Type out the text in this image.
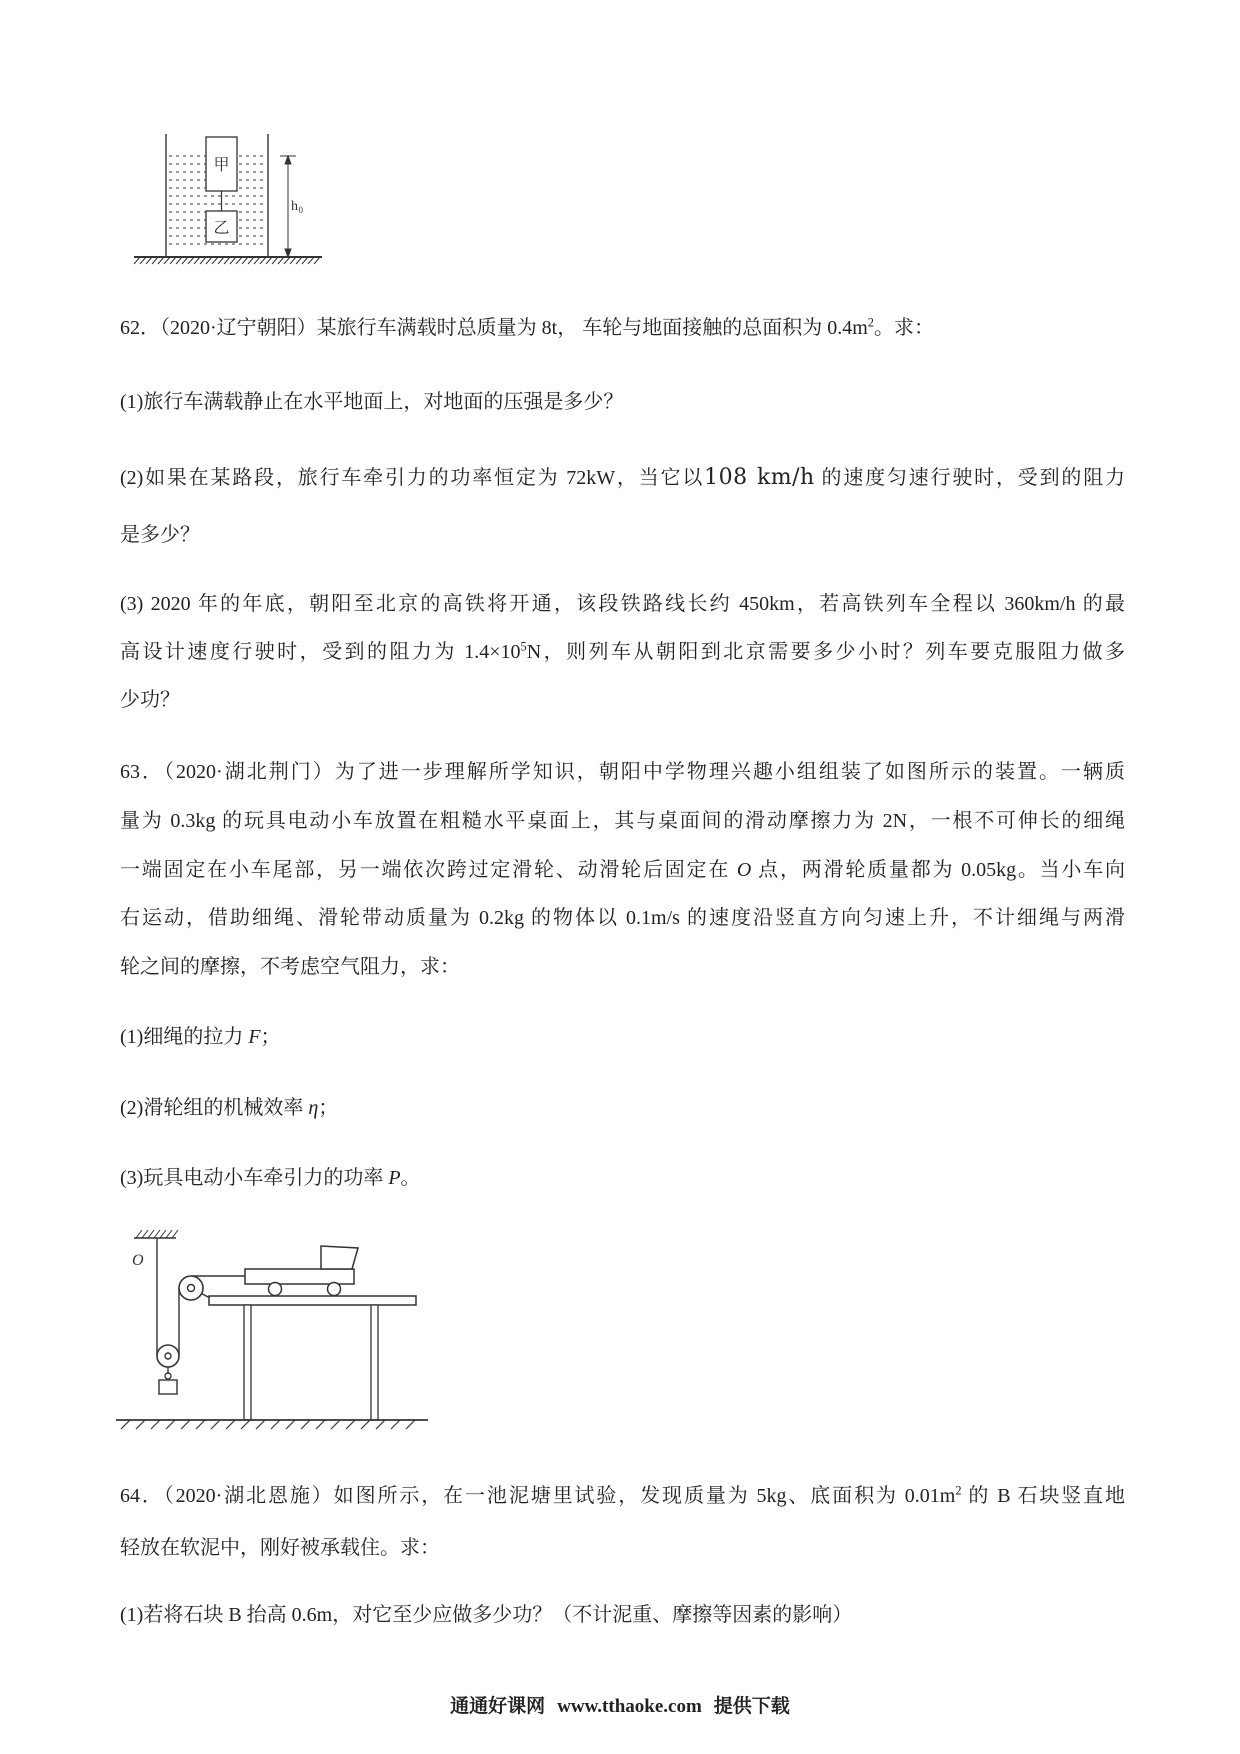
甲
乙
h 0
62．（2020·辽宁朝阳）某旅行车满载时总质量为 8t， 车轮与地面接触的总面积为 $0.4m^2$。求：
(1)旅行车满载静止在水平地面上，对地面的压强是多少？
(2)如果在某路段，旅行车牵引力的功率恒定为 72kW，当它以108 km/h 的速度匀速行驶时，受到的阻力
是多少？
(3) 2020 年的年底，朝阳至北京的高铁将开通，该段铁路线长约 450km，若高铁列车全程以 360km/h 的最
高设计速度行驶时，受到的阻力为 $1.4\times 10^5N$，则列车从朝阳到北京需要多少小时？列车要克服阻力做多
少功？
63．（2020·湖北荆门）为了进一步理解所学知识，朝阳中学物理兴趣小组组装了如图所示的装置。一辆质
量为 0.3kg 的玩具电动小车放置在粗糙水平桌面上，其与桌面间的滑动摩擦力为 2N，一根不可伸长的细绳
一端固定在小车尾部，另一端依次跨过定滑轮、动滑轮后固定在 O 点，两滑轮质量都为 0.05kg。当小车向
右运动，借助细绳、滑轮带动质量为 0.2kg 的物体以 0.1m/s 的速度沿竖直方向匀速上升，不计细绳与两滑
轮之间的摩擦，不考虑空气阻力，求：
(1)细绳的拉力 F；
(2)滑轮组的机械效率 η；
(3)玩具电动小车牵引力的功率 P。
O
64．（2020·湖北恩施）如图所示，在一池泥塘里试验，发现质量为 5kg、底面积为 $0.01m^2$ 的 B 石块竖直地
轻放在软泥中，刚好被承载住。求：
(1)若将石块 B 抬高 0.6m，对它至少应做多少功？（不计泥重、摩擦等因素的影响）
通通好课网 www.tthaoke.com 提供下载
